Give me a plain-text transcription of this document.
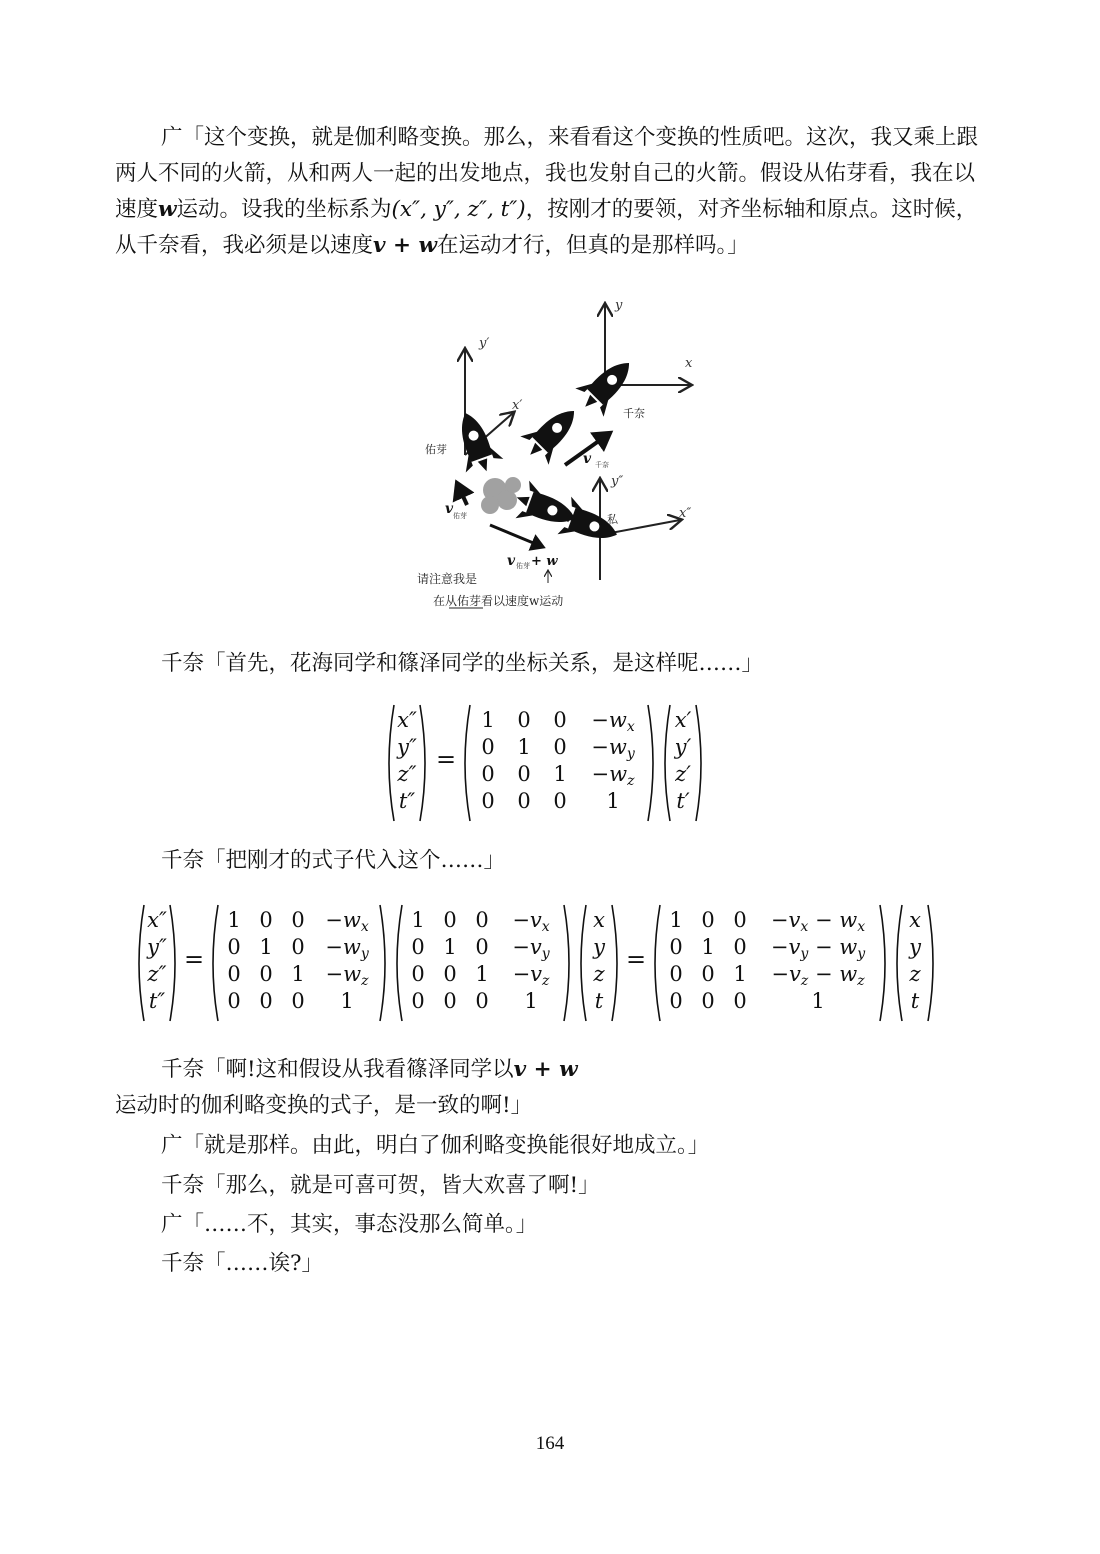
广「这个变换，就是伽利略变换。那么，来看看这个变换的性质吧。这次，我又乘上跟两人不同的火箭，从和两人一起的出发地点，我也发射自己的火箭。假设从佑芽看，我在以速度w运动。设我的坐标系为(x″, y″, z″, t″)，按刚才的要领，对齐坐标轴和原点。这时候，从千奈看，我必须是以速度v + w在运动才行，但真的是那样吗。」

y′
x′
y
x
y″
x″
佑芽
千奈
私
v 千奈
v 佑芽
v 佑芽 + w
请注意我是
在从佑芽看以速度w运动

千奈「首先，花海同学和篠泽同学的坐标关系，是这样呢……」

x″
y″
z″
t″
=
1 0 0 −wx
0 1 0 −wy
0 0 1 −wz
0 0 0 1
x′
y′
z′
t′

千奈「把刚才的式子代入这个……」

x″
y″
z″
t″
=
1 0 0 −wx
0 1 0 −wy
0 0 1 −wz
0 0 0 1
1 0 0 −vx
0 1 0 −vy
0 0 1 −vz
0 0 0 1
x
y
z
t
=
1 0 0 −vx − wx
0 1 0 −vy − wy
0 0 1 −vz − wz
0 0 0	1
x
y
z
t

千奈「啊!这和假设从我看篠泽同学以v + w运动时的伽利略变换的式子，是一致的啊!」

广「就是那样。由此，明白了伽利略变换能很好地成立。」

千奈「那么，就是可喜可贺，皆大欢喜了啊!」

广「……不，其实，事态没那么简单。」

千奈「……诶?」

164
